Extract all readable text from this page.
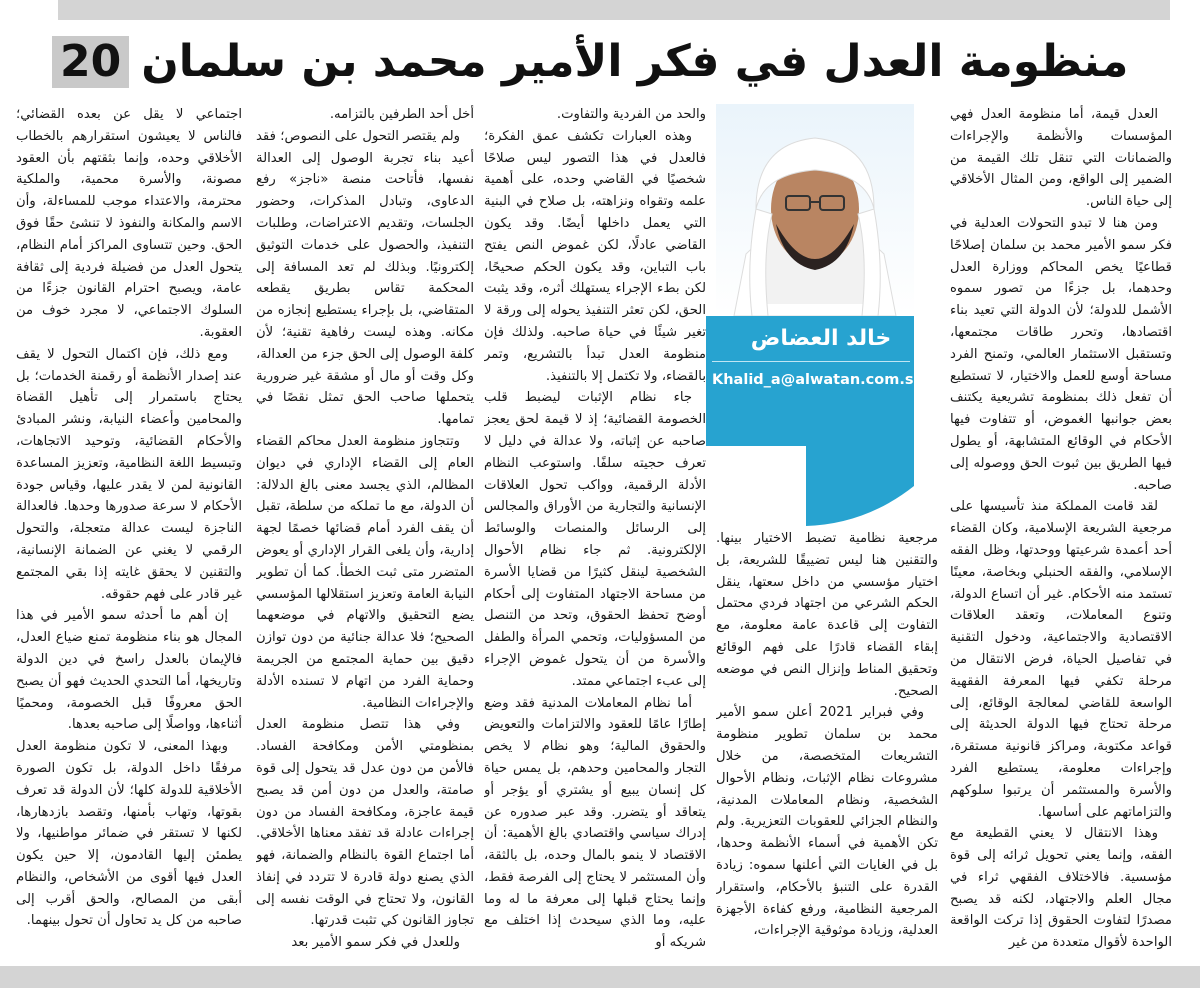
20 منظومة العدل في فكر الأمير محمد بن سلمان

العدل قيمة، أما منظومة العدل فهي المؤسسات والأنظمة والإجراءات والضمانات التي تنقل تلك القيمة من الضمير إلى الواقع، ومن المثال الأخلاقي إلى حياة الناس.

ومن هنا لا تبدو التحولات العدلية في فكر سمو الأمير محمد بن سلمان إصلاحًا قطاعيًا يخص المحاكم ووزارة العدل وحدهما، بل جزءًا من تصور سموه الأشمل للدولة؛ لأن الدولة التي تعيد بناء اقتصادها، وتحرر طاقات مجتمعها، وتستقبل الاستثمار العالمي، وتمنح الفرد مساحة أوسع للعمل والاختيار، لا تستطيع أن تفعل ذلك بمنظومة تشريعية يكتنف بعض جوانبها الغموض، أو تتفاوت فيها الأحكام في الوقائع المتشابهة، أو يطول فيها الطريق بين ثبوت الحق ووصوله إلى صاحبه.

لقد قامت المملكة منذ تأسيسها على مرجعية الشريعة الإسلامية، وكان القضاء أحد أعمدة شرعيتها ووحدتها، وظل الفقه الإسلامي، والفقه الحنبلي وبخاصة، معينًا تستمد منه الأحكام. غير أن اتساع الدولة، وتنوع المعاملات، وتعقد العلاقات الاقتصادية والاجتماعية، ودخول التقنية في تفاصيل الحياة، فرض الانتقال من مرحلة تكفي فيها المعرفة الفقهية الواسعة للقاضي لمعالجة الوقائع، إلى مرحلة تحتاج فيها الدولة الحديثة إلى قواعد مكتوبة، ومراكز قانونية مستقرة، وإجراءات معلومة، يستطيع الفرد والأسرة والمستثمر أن يرتبوا سلوكهم والتزاماتهم على أساسها.

وهذا الانتقال لا يعني القطيعة مع الفقه، وإنما يعني تحويل ثرائه إلى قوة مؤسسية. فالاختلاف الفقهي ثراء في مجال العلم والاجتهاد، لكنه قد يصبح مصدرًا لتفاوت الحقوق إذا تركت الواقعة الواحدة لأقوال متعددة من غير

خالد العضاض
Khalid_a@alwatan.com.sa

مرجعية نظامية تضبط الاختيار بينها. والتقنين هنا ليس تضييقًا للشريعة، بل اختيار مؤسسي من داخل سعتها، ينقل الحكم الشرعي من اجتهاد فردي محتمل التفاوت إلى قاعدة عامة معلومة، مع إبقاء القضاء قادرًا على فهم الوقائع وتحقيق المناط وإنزال النص في موضعه الصحيح.

وفي فبراير 2021 أعلن سمو الأمير محمد بن سلمان تطوير منظومة التشريعات المتخصصة، من خلال مشروعات نظام الإثبات، ونظام الأحوال الشخصية، ونظام المعاملات المدنية، والنظام الجزائي للعقوبات التعزيرية. ولم تكن الأهمية في أسماء الأنظمة وحدها، بل في الغايات التي أعلنها سموه: زيادة القدرة على التنبؤ بالأحكام، واستقرار المرجعية النظامية، ورفع كفاءة الأجهزة العدلية، وزيادة موثوقية الإجراءات،

والحد من الفردية والتفاوت.

وهذه العبارات تكشف عمق الفكرة؛ فالعدل في هذا التصور ليس صلاحًا شخصيًا في القاضي وحده، على أهمية علمه وتقواه ونزاهته، بل صلاح في البنية التي يعمل داخلها أيضًا. وقد يكون القاضي عادلًا، لكن غموض النص يفتح باب التباين، وقد يكون الحكم صحيحًا، لكن بطء الإجراء يستهلك أثره، وقد يثبت الحق، لكن تعثر التنفيذ يحوله إلى ورقة لا تغير شيئًا في حياة صاحبه. ولذلك فإن منظومة العدل تبدأ بالتشريع، وتمر بالقضاء، ولا تكتمل إلا بالتنفيذ.

جاء نظام الإثبات ليضبط قلب الخصومة القضائية؛ إذ لا قيمة لحق يعجز صاحبه عن إثباته، ولا عدالة في دليل لا تعرف حجيته سلفًا. واستوعب النظام الأدلة الرقمية، وواكب تحول العلاقات الإنسانية والتجارية من الأوراق والمجالس إلى الرسائل والمنصات والوسائط الإلكترونية. ثم جاء نظام الأحوال الشخصية لينقل كثيرًا من قضايا الأسرة من مساحة الاجتهاد المتفاوت إلى أحكام أوضح تحفظ الحقوق، وتحد من التنصل من المسؤوليات، وتحمي المرأة والطفل والأسرة من أن يتحول غموض الإجراء إلى عبء اجتماعي ممتد.

أما نظام المعاملات المدنية فقد وضع إطارًا عامًا للعقود والالتزامات والتعويض والحقوق المالية؛ وهو نظام لا يخص التجار والمحامين وحدهم، بل يمس حياة كل إنسان يبيع أو يشتري أو يؤجر أو يتعاقد أو يتضرر. وقد عبر صدوره عن إدراك سياسي واقتصادي بالغ الأهمية: أن الاقتصاد لا ينمو بالمال وحده، بل بالثقة، وأن المستثمر لا يحتاج إلى الفرصة فقط، وإنما يحتاج قبلها إلى معرفة ما له وما عليه، وما الذي سيحدث إذا اختلف مع شريكه أو

أخل أحد الطرفين بالتزامه.

ولم يقتصر التحول على النصوص؛ فقد أعيد بناء تجربة الوصول إلى العدالة نفسها، فأتاحت منصة «ناجز» رفع الدعاوى، وتبادل المذكرات، وحضور الجلسات، وتقديم الاعتراضات، وطلبات التنفيذ، والحصول على خدمات التوثيق إلكترونيًا. وبذلك لم تعد المسافة إلى المحكمة تقاس بطريق يقطعه المتقاضي، بل بإجراء يستطيع إنجازه من مكانه. وهذه ليست رفاهية تقنية؛ لأن كلفة الوصول إلى الحق جزء من العدالة، وكل وقت أو مال أو مشقة غير ضرورية يتحملها صاحب الحق تمثل نقصًا في تمامها.

وتتجاوز منظومة العدل محاكم القضاء العام إلى القضاء الإداري في ديوان المظالم، الذي يجسد معنى بالغ الدلالة: أن الدولة، مع ما تملكه من سلطة، تقبل أن يقف الفرد أمام قضائها خصمًا لجهة إدارية، وأن يلغى القرار الإداري أو يعوض المتضرر متى ثبت الخطأ. كما أن تطوير النيابة العامة وتعزيز استقلالها المؤسسي يضع التحقيق والاتهام في موضعهما الصحيح؛ فلا عدالة جنائية من دون توازن دقيق بين حماية المجتمع من الجريمة وحماية الفرد من اتهام لا تسنده الأدلة والإجراءات النظامية.

وفي هذا تتصل منظومة العدل بمنظومتي الأمن ومكافحة الفساد. فالأمن من دون عدل قد يتحول إلى قوة صامتة، والعدل من دون أمن قد يصبح قيمة عاجزة، ومكافحة الفساد من دون إجراءات عادلة قد تفقد معناها الأخلاقي. أما اجتماع القوة بالنظام والضمانة، فهو الذي يصنع دولة قادرة لا تتردد في إنفاذ القانون، ولا تحتاج في الوقت نفسه إلى تجاوز القانون كي تثبت قدرتها.

وللعدل في فكر سمو الأمير بعد

اجتماعي لا يقل عن بعده القضائي؛ فالناس لا يعيشون استقرارهم بالخطاب الأخلاقي وحده، وإنما بثقتهم بأن العقود مصونة، والأسرة محمية، والملكية محترمة، والاعتداء موجب للمساءلة، وأن الاسم والمكانة والنفوذ لا تنشئ حقًا فوق الحق. وحين تتساوى المراكز أمام النظام، يتحول العدل من فضيلة فردية إلى ثقافة عامة، ويصبح احترام القانون جزءًا من السلوك الاجتماعي، لا مجرد خوف من العقوبة.

ومع ذلك، فإن اكتمال التحول لا يقف عند إصدار الأنظمة أو رقمنة الخدمات؛ بل يحتاج باستمرار إلى تأهيل القضاة والمحامين وأعضاء النيابة، ونشر المبادئ والأحكام القضائية، وتوحيد الاتجاهات، وتبسيط اللغة النظامية، وتعزيز المساعدة القانونية لمن لا يقدر عليها، وقياس جودة الأحكام لا سرعة صدورها وحدها. فالعدالة الناجزة ليست عدالة متعجلة، والتحول الرقمي لا يغني عن الضمانة الإنسانية، والتقنين لا يحقق غايته إذا بقي المجتمع غير قادر على فهم حقوقه.

إن أهم ما أحدثه سمو الأمير في هذا المجال هو بناء منظومة تمنع ضياع العدل، فالإيمان بالعدل راسخ في دين الدولة وتاريخها، أما التحدي الحديث فهو أن يصبح الحق معروفًا قبل الخصومة، ومحميًا أثناءها، وواصلًا إلى صاحبه بعدها.

وبهذا المعنى، لا تكون منظومة العدل مرفقًا داخل الدولة، بل تكون الصورة الأخلاقية للدولة كلها؛ لأن الدولة قد تعرف بقوتها، وتهاب بأمنها، وتقصد بازدهارها، لكنها لا تستقر في ضمائر مواطنيها، ولا يطمئن إليها القادمون، إلا حين يكون العدل فيها أقوى من الأشخاص، والنظام أبقى من المصالح، والحق أقرب إلى صاحبه من كل يد تحاول أن تحول بينهما.
